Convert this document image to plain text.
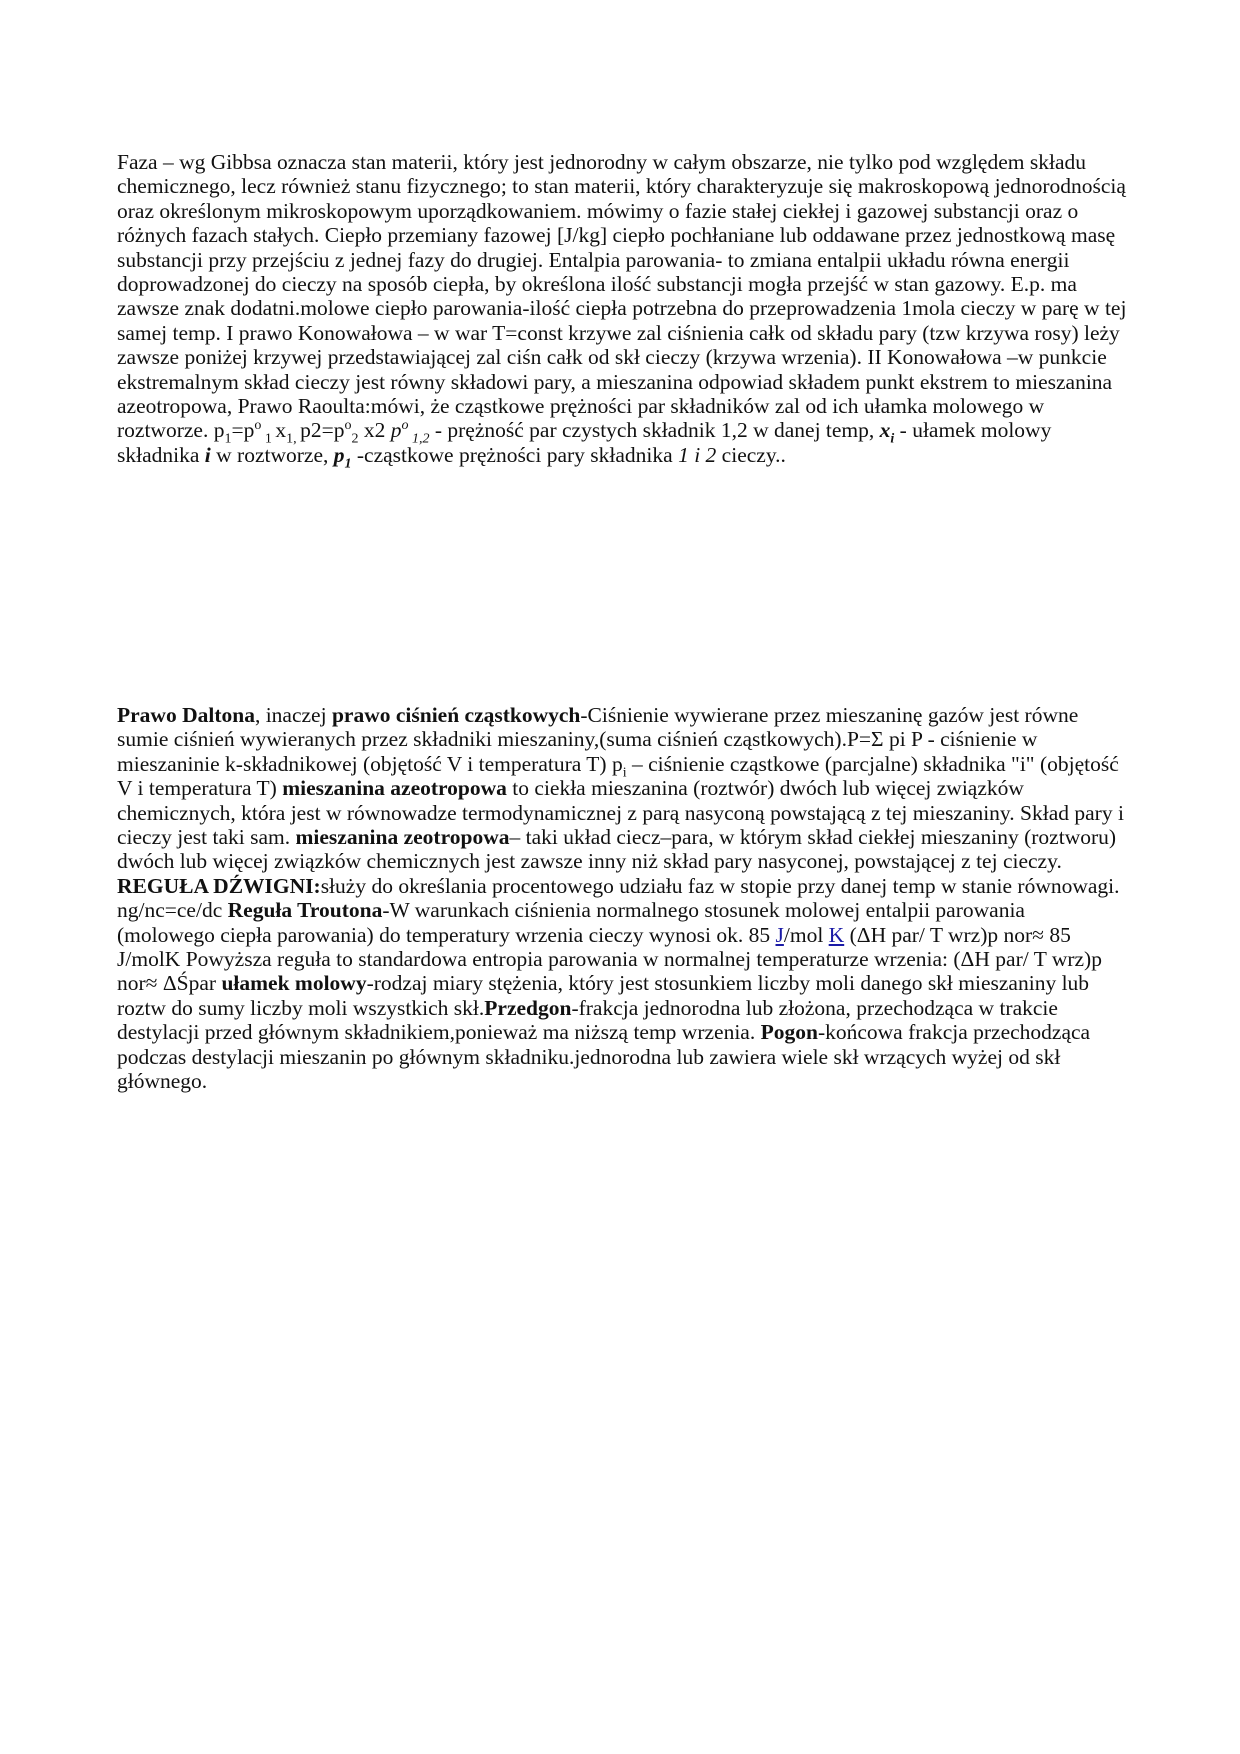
Faza – wg Gibbsa oznacza stan materii, który jest jednorodny w całym obszarze, nie tylko pod względem składu chemicznego, lecz również stanu fizycznego; to stan materii, który charakteryzuje się makroskopową jednorodnością oraz określonym mikroskopowym uporządkowaniem. mówimy o fazie stałej ciekłej i gazowej substancji oraz o różnych fazach stałych. Ciepło przemiany fazowej [J/kg] ciepło pochłaniane lub oddawane przez jednostkową masę substancji przy przejściu z jednej fazy do drugiej. Entalpia parowania- to zmiana entalpii układu równa energii doprowadzonej do cieczy na sposób ciepła, by określona ilość substancji mogła przejść w stan gazowy. E.p. ma zawsze znak dodatni.molowe ciepło parowania-ilość ciepła potrzebna do przeprowadzenia 1mola cieczy w parę w tej samej temp. I prawo Konowałowa – w war T=const krzywe zal ciśnienia całk od składu pary (tzw krzywa rosy) leży zawsze poniżej krzywej przedstawiającej zal ciśn całk od skł cieczy (krzywa wrzenia). II Konowałowa –w punkcie ekstremalnym skład cieczy jest równy składowi pary, a mieszanina odpowiad składem punkt ekstrem to mieszanina azeotropowa, Prawo Raoulta:mówi, że cząstkowe prężności par składników zal od ich ułamka molowego w roztworze. $p_1=p^o$ $_1$ $x_{1,}$ $p2=p^o_2$ x2 $p^o$ $_{1,2}$ - prężność par czystych składnik 1,2 w danej temp, $x_i$ - ułamek molowy składnika i w roztworze, $p_1$ -cząstkowe prężności pary składnika 1 i 2 cieczy..
Prawo Daltona, inaczej prawo ciśnień cząstkowych-Ciśnienie wywierane przez mieszaninę gazów jest równe sumie ciśnień wywieranych przez składniki mieszaniny,(suma ciśnień cząstkowych).P=Σ pi P - ciśnienie w mieszaninie k-składnikowej (objętość V i temperatura T) $p_i$ – ciśnienie cząstkowe (parcjalne) składnika "i" (objętość V i temperatura T) mieszanina azeotropowa to ciekła mieszanina (roztwór) dwóch lub więcej związków chemicznych, która jest w równowadze termodynamicznej z parą nasyconą powstającą z tej mieszaniny. Skład pary i cieczy jest taki sam. mieszanina zeotropowa– taki układ ciecz–para, w którym skład ciekłej mieszaniny (roztworu) dwóch lub więcej związków chemicznych jest zawsze inny niż skład pary nasyconej, powstającej z tej cieczy. REGUŁA DŹWIGNI:służy do określania procentowego udziału faz w stopie przy danej temp w stanie równowagi. ng/nc=ce/dc Reguła Troutona-W warunkach ciśnienia normalnego stosunek molowej entalpii parowania (molowego ciepła parowania) do temperatury wrzenia cieczy wynosi ok. 85 J/mol K (ΔH par/ T wrz)p nor≈ 85 J/molK Powyższa reguła to standardowa entropia parowania w normalnej temperaturze wrzenia: (ΔH par/ T wrz)p nor≈ ΔŚpar ułamek molowy-rodzaj miary stężenia, który jest stosunkiem liczby moli danego skł mieszaniny lub roztw do sumy liczby moli wszystkich skł.Przedgon-frakcja jednorodna lub złożona, przechodząca w trakcie destylacji przed głównym składnikiem,ponieważ ma niższą temp wrzenia. Pogon-końcowa frakcja przechodząca podczas destylacji mieszanin po głównym składniku.jednorodna lub zawiera wiele skł wrzących wyżej od skł głównego.
